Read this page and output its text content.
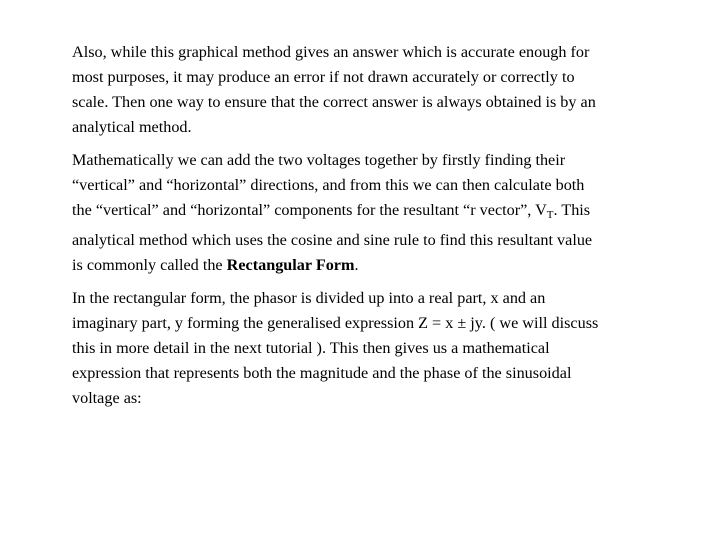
Also, while this graphical method gives an answer which is accurate enough for
most purposes, it may produce an error if not drawn accurately or correctly to
scale. Then one way to ensure that the correct answer is always obtained is by an
analytical method.

Mathematically we can add the two voltages together by firstly finding their
“vertical” and “horizontal” directions, and from this we can then calculate both
the “vertical” and “horizontal” components for the resultant “r vector”, $V_T$. This
analytical method which uses the cosine and sine rule to find this resultant value
is commonly called the Rectangular Form.

In the rectangular form, the phasor is divided up into a real part, x and an
imaginary part, y forming the generalised expression Z = x ± jy. ( we will discuss
this in more detail in the next tutorial ). This then gives us a mathematical
expression that represents both the magnitude and the phase of the sinusoidal
voltage as:
